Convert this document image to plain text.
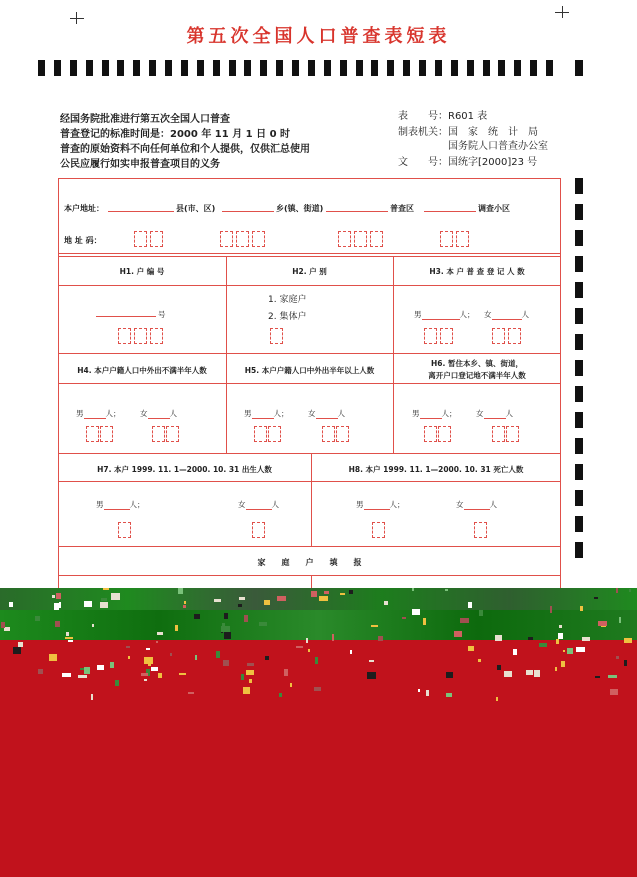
第五次全国人口普查表短表
经国务院批准进行第五次全国人口普查
普查登记的标准时间是：2000 年 11 月 1 日 0 时
普查的原始资料不向任何单位和个人提供，仅供汇总使用
公民应履行如实申报普查项目的义务
表　　号：R601 表
制表机关：国　家　统　计　局
国务院人口普查办公室
文　　号：国统字[2000]23 号
本户地址：	县(市、区)	乡(镇、街道)	普查区	调查小区
地 址 码：
H1. 户 编 号
号
H2. 户 别
1. 家庭户
2. 集体户
H3. 本 户 普 查 登 记 人 数
男	人； 女	人
H4. 本户户籍人口中外出不满半年人数
男	人；	女	人
H5. 本户户籍人口中外出半年以上人数
男	人；	女	人
H6. 暂住本乡、镇、街道，
离开户口登记地不满半年人数
男	人；	女	人
H7. 本户 1999. 11. 1—2000. 10. 31 出生人数
男	人；	女	人
H8. 本户 1999. 11. 1—2000. 10. 31 死亡人数
男	人；	女	人
家　　庭　　户　　填　　报
